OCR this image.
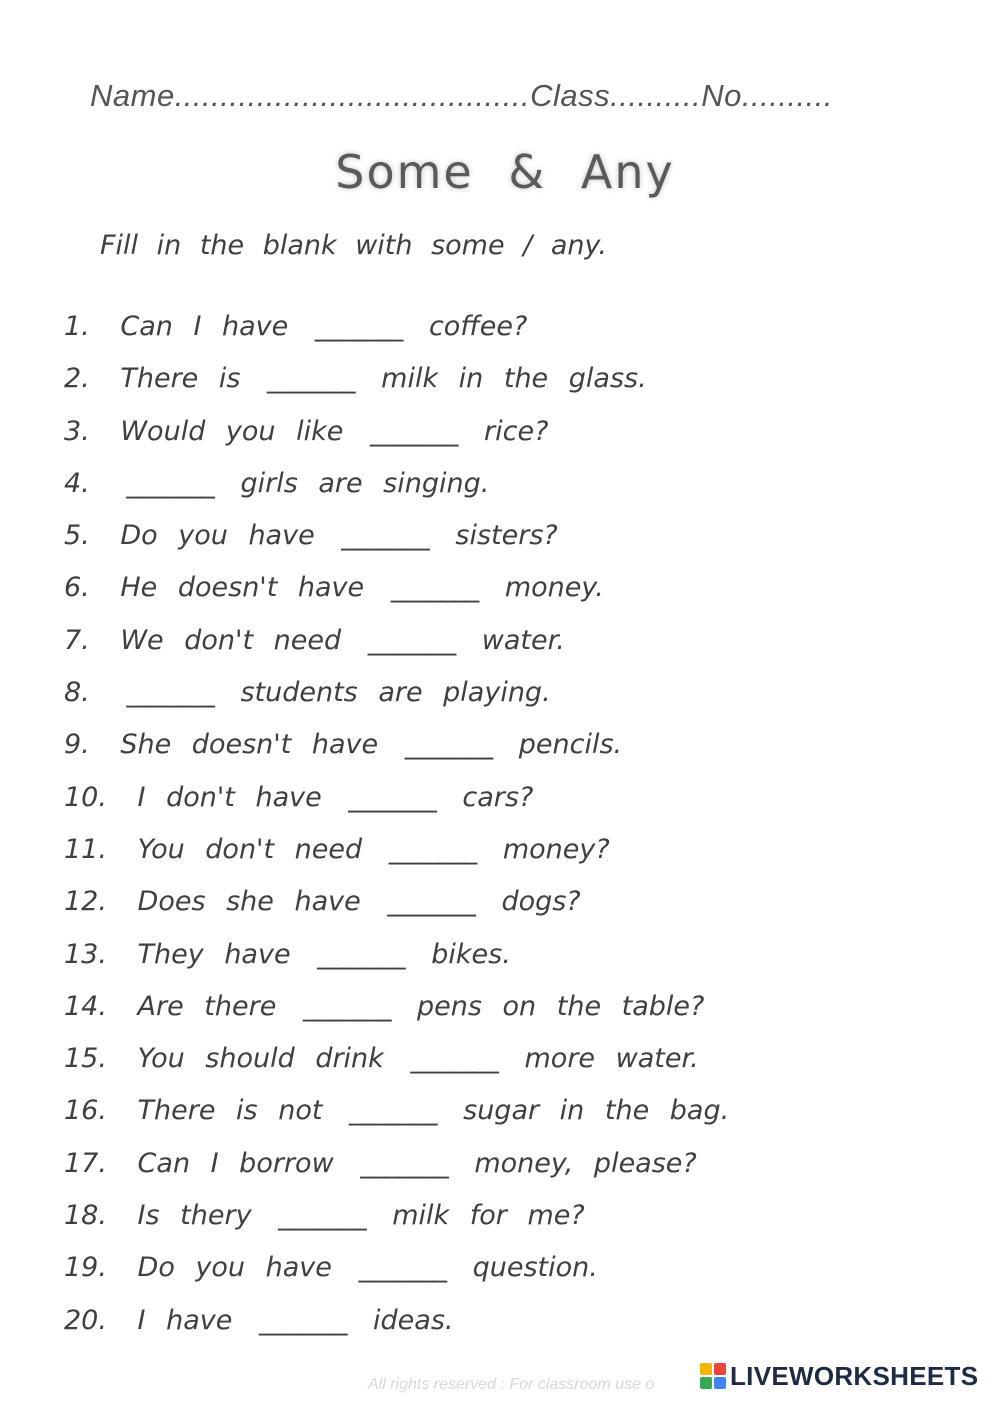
Name.......................................Class..........No..........
Some & Any
Fill in the blank with some / any.
1. Can I have _______ coffee?
2. There is _______ milk in the glass.
3. Would you like _______ rice?
4. _______ girls are singing.
5. Do you have _______ sisters?
6. He doesn't have _______ money.
7. We don't need _______ water.
8. _______ students are playing.
9. She doesn't have _______ pencils.
10. I don't have _______ cars?
11. You don't need _______ money?
12. Does she have _______ dogs?
13. They have _______ bikes.
14. Are there _______ pens on the table?
15. You should drink _______ more water.
16. There is not _______ sugar in the bag.
17. Can I borrow _______ money, please?
18. Is thery _______ milk for me?
19. Do you have _______ question.
20. I have _______ ideas.
All rights reserved : For classroom use o	LIVEWORKSHEETS
